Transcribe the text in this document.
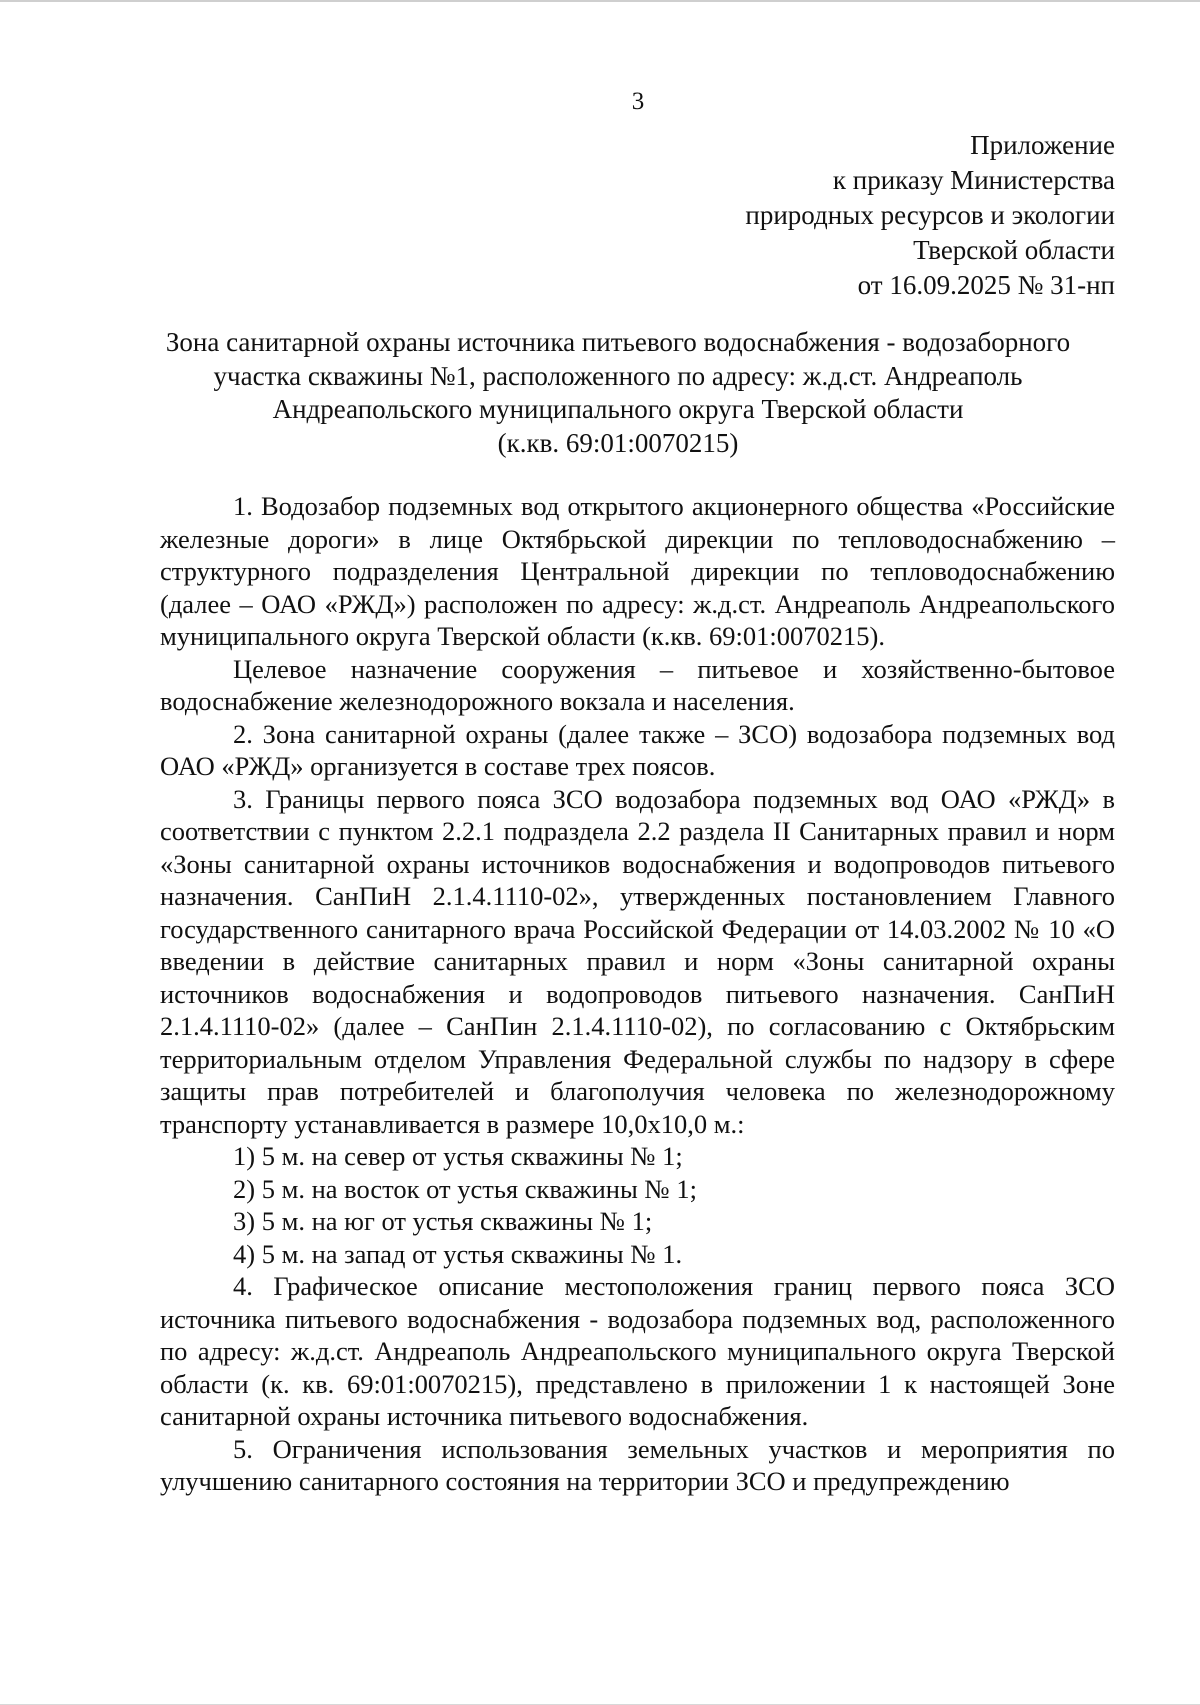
3
Приложение
к приказу Министерства
природных ресурсов и экологии
Тверской области
от 16.09.2025 № 31-нп
Зона санитарной охраны источника питьевого водоснабжения - водозаборного
участка скважины №1, расположенного по адресу: ж.д.ст. Андреаполь
Андреапольского муниципального округа Тверской области
(к.кв. 69:01:0070215)

1. Водозабор подземных вод открытого акционерного общества «Российские железные дороги» в лице Октябрьской дирекции по тепловодоснабжению – структурного подразделения Центральной дирекции по тепловодоснабжению (далее – ОАО «РЖД») расположен по адресу: ж.д.ст. Андреаполь Андреапольского муниципального округа Тверской области (к.кв. 69:01:0070215).

Целевое назначение сооружения – питьевое и хозяйственно-бытовое водоснабжение железнодорожного вокзала и населения.

2. Зона санитарной охраны (далее также – ЗСО) водозабора подземных вод ОАО «РЖД» организуется в составе трех поясов.

3. Границы первого пояса ЗСО водозабора подземных вод ОАО «РЖД» в соответствии с пунктом 2.2.1 подраздела 2.2 раздела II Санитарных правил и норм «Зоны санитарной охраны источников водоснабжения и водопроводов питьевого назначения. СанПиН 2.1.4.1110-02», утвержденных постановлением Главного государственного санитарного врача Российской Федерации от 14.03.2002 № 10 «О введении в действие санитарных правил и норм «Зоны санитарной охраны источников водоснабжения и водопроводов питьевого назначения. СанПиН 2.1.4.1110-02» (далее – СанПин 2.1.4.1110-02), по согласованию с Октябрьским территориальным отделом Управления Федеральной службы по надзору в сфере защиты прав потребителей и благополучия человека по железнодорожному транспорту устанавливается в размере 10,0x10,0 м.:

1) 5 м. на север от устья скважины № 1;

2) 5 м. на восток от устья скважины № 1;

3) 5 м. на юг от устья скважины № 1;

4) 5 м. на запад от устья скважины № 1.

4. Графическое описание местоположения границ первого пояса ЗСО источника питьевого водоснабжения - водозабора подземных вод, расположенного по адресу: ж.д.ст. Андреаполь Андреапольского муниципального округа Тверской области (к. кв. 69:01:0070215), представлено в приложении 1 к настоящей Зоне санитарной охраны источника питьевого водоснабжения.

5. Ограничения использования земельных участков и мероприятия по улучшению санитарного состояния на территории ЗСО и предупреждению
